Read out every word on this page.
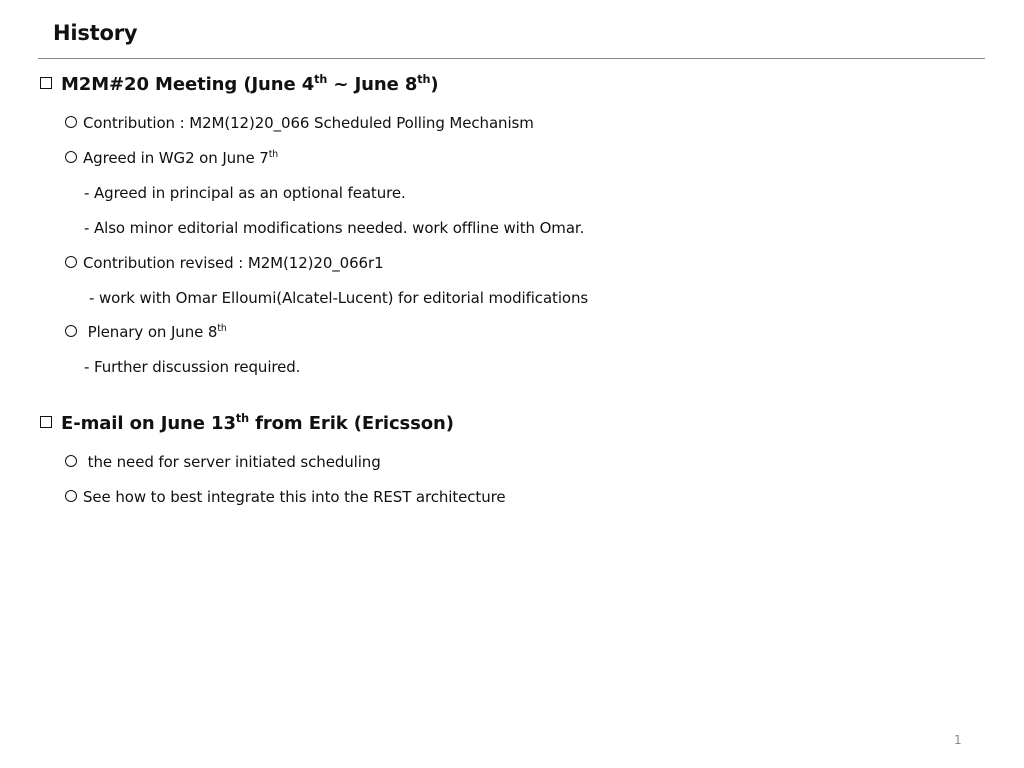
History
M2M#20 Meeting (June 4th ~ June 8th)
Contribution : M2M(12)20_066 Scheduled Polling Mechanism
Agreed in WG2 on June 7th
- Agreed in principal as an optional feature.
- Also minor editorial modifications needed. work offline with Omar.
Contribution revised : M2M(12)20_066r1
- work with Omar Elloumi(Alcatel-Lucent) for editorial modifications
Plenary on June 8th
- Further discussion required.
E-mail on June 13th from Erik (Ericsson)
the need for server initiated scheduling
See how to best integrate this into the REST architecture
1
